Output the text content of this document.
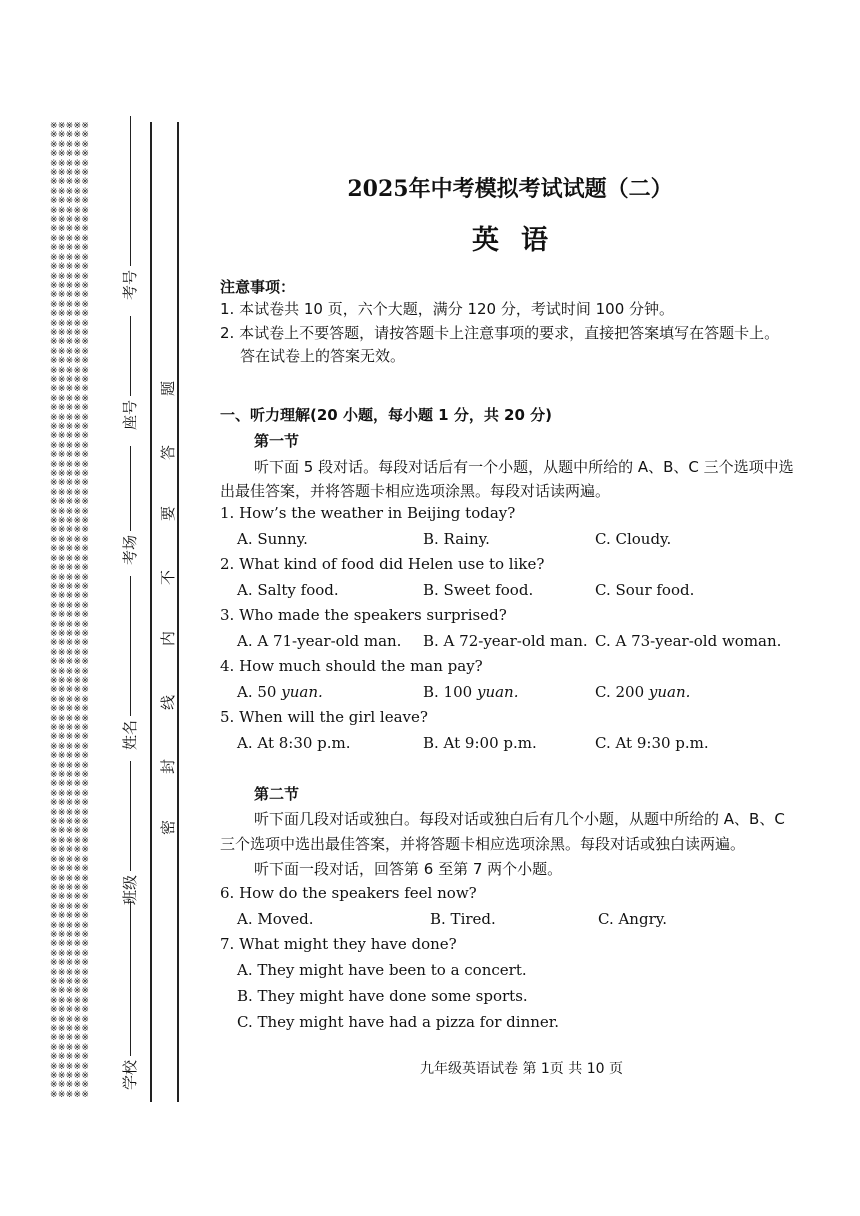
※※※※※
※※※※※
※※※※※
※※※※※
※※※※※
※※※※※
※※※※※
※※※※※
※※※※※
※※※※※
※※※※※
※※※※※
※※※※※
※※※※※
※※※※※
※※※※※
※※※※※
※※※※※
※※※※※
※※※※※
※※※※※
※※※※※
※※※※※
※※※※※
※※※※※
※※※※※
※※※※※
※※※※※
※※※※※
※※※※※
※※※※※
※※※※※
※※※※※
※※※※※
※※※※※
※※※※※
※※※※※
※※※※※
※※※※※
※※※※※
※※※※※
※※※※※
※※※※※
※※※※※
※※※※※
※※※※※
※※※※※
※※※※※
※※※※※
※※※※※
※※※※※
※※※※※
※※※※※
※※※※※
※※※※※
※※※※※
※※※※※
※※※※※
※※※※※
※※※※※
※※※※※
※※※※※
※※※※※
※※※※※
※※※※※
※※※※※
※※※※※
※※※※※
※※※※※
※※※※※
※※※※※
※※※※※
※※※※※
※※※※※
※※※※※
※※※※※
※※※※※
※※※※※
※※※※※
※※※※※
※※※※※
※※※※※
※※※※※
※※※※※
※※※※※
※※※※※
※※※※※
※※※※※
※※※※※
※※※※※
※※※※※
※※※※※
※※※※※
※※※※※
※※※※※
※※※※※
※※※※※
※※※※※
※※※※※
※※※※※
※※※※※
※※※※※
※※※※※
※※※※※

考号
座号
考场
姓名
班级
学校
题
答
要
不
内
线
封
密
2025年中考模拟考试试题（二）
英语
注意事项：
1. 本试卷共 10 页，六个大题，满分 120 分，考试时间 100 分钟。
2. 本试卷上不要答题，请按答题卡上注意事项的要求，直接把答案填写在答题卡上。
答在试卷上的答案无效。
一、听力理解(20 小题，每小题 1 分，共 20 分)
第一节
听下面 5 段对话。每段对话后有一个小题，从题中所给的 A、B、C 三个选项中选
出最佳答案，并将答题卡相应选项涂黑。每段对话读两遍。
1. How’s the weather in Beijing today?
A. Sunny.	B. Rainy.	C. Cloudy.
2. What kind of food did Helen use to like?
A. Salty food.	B. Sweet food.	C. Sour food.
3. Who made the speakers surprised?
A. A 71-year-old man. B. A 72-year-old man. C. A 73-year-old woman.
4. How much should the man pay?
A. 50 yuan.	B. 100 yuan.	C. 200 yuan.
5. When will the girl leave?
A. At 8:30 p.m.	B. At 9:00 p.m.	C. At 9:30 p.m.
第二节
听下面几段对话或独白。每段对话或独白后有几个小题，从题中所给的 A、B、C
三个选项中选出最佳答案，并将答题卡相应选项涂黑。每段对话或独白读两遍。
听下面一段对话，回答第 6 至第 7 两个小题。
6. How do the speakers feel now?
A. Moved.	B. Tired.	C. Angry.
7. What might they have done?
A. They might have been to a concert.
B. They might have done some sports.
C. They might have had a pizza for dinner.
九年级英语试卷 第 1页 共 10 页
